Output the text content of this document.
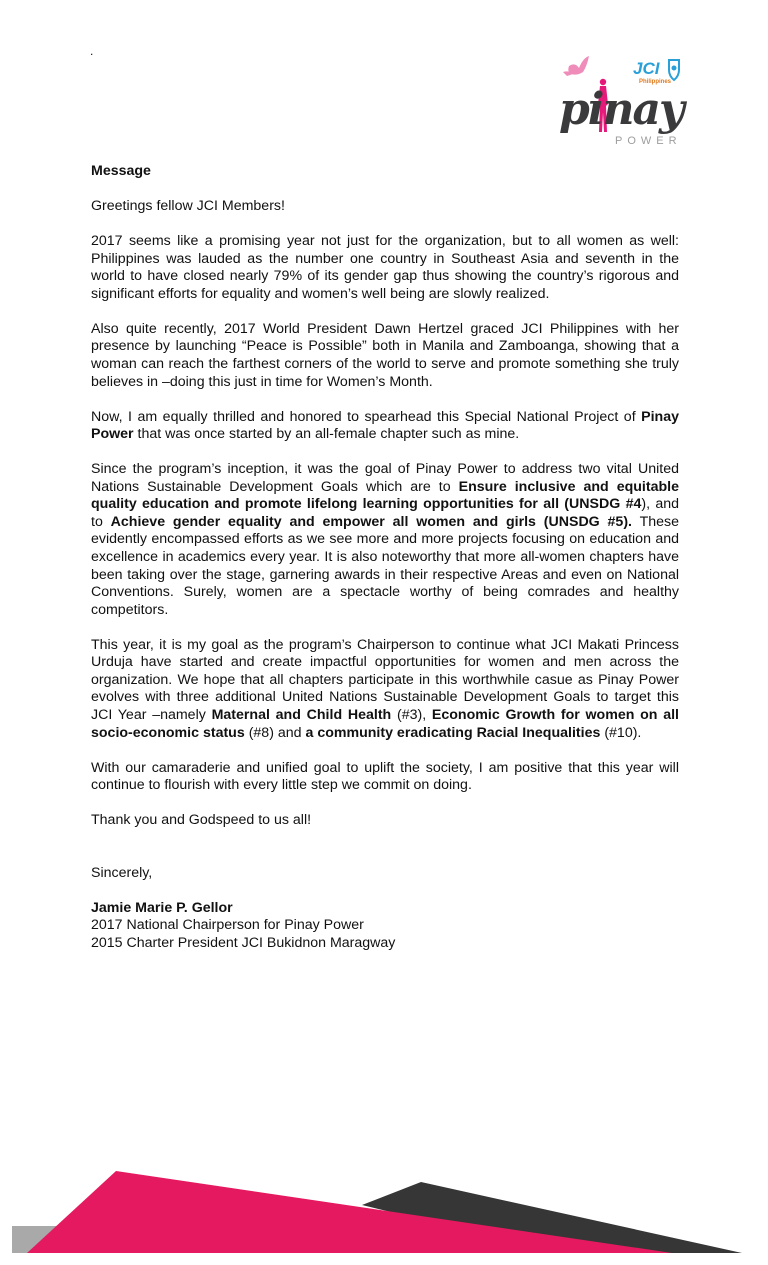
.
JCI
Philippines
pinay
POWER

Message

Greetings fellow JCI Members!

2017 seems like a promising year not just for the organization, but to all women as well: Philippines was lauded as the number one country in Southeast Asia and seventh in the world to have closed nearly 79% of its gender gap thus showing the country’s rigorous and significant efforts for equality and women’s well being are slowly realized.

Also quite recently, 2017 World President Dawn Hertzel graced JCI Philippines with her presence by launching “Peace is Possible” both in Manila and Zamboanga, showing that a woman can reach the farthest corners of the world to serve and promote something she truly believes in –doing this just in time for Women’s Month.

Now, I am equally thrilled and honored to spearhead this Special National Project of Pinay Power that was once started by an all-female chapter such as mine.

Since the program’s inception, it was the goal of Pinay Power to address two vital United Nations Sustainable Development Goals which are to Ensure inclusive and equitable quality education and promote lifelong learning opportunities for all (UNSDG #4), and to Achieve gender equality and empower all women and girls (UNSDG #5). These evidently encompassed efforts as we see more and more projects focusing on education and excellence in academics every year. It is also noteworthy that more all-women chapters have been taking over the stage, garnering awards in their respective Areas and even on National Conventions. Surely, women are a spectacle worthy of being comrades and healthy competitors.

This year, it is my goal as the program’s Chairperson to continue what JCI Makati Princess Urduja have started and create impactful opportunities for women and men across the organization. We hope that all chapters participate in this worthwhile casue as Pinay Power evolves with three additional United Nations Sustainable Development Goals to target this JCI Year –namely Maternal and Child Health (#3), Economic Growth for women on all socio-economic status (#8) and a community eradicating Racial Inequalities (#10).

With our camaraderie and unified goal to uplift the society, I am positive that this year will continue to flourish with every little step we commit on doing.

Thank you and Godspeed to us all!

Sincerely,

Jamie Marie P. Gellor
2017 National Chairperson for Pinay Power
2015 Charter President JCI Bukidnon Maragway
